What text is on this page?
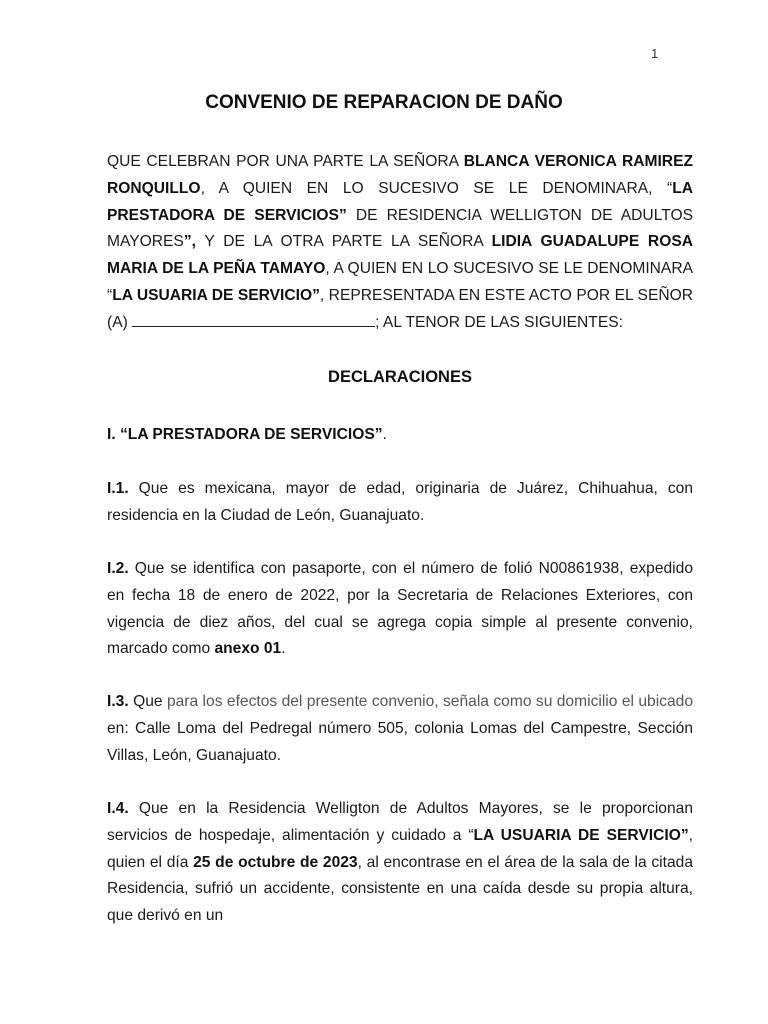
1
CONVENIO DE REPARACION DE DAÑO

QUE CELEBRAN POR UNA PARTE LA SEÑORA BLANCA VERONICA RAMIREZ RONQUILLO, A QUIEN EN LO SUCESIVO SE LE DENOMINARA, “LA PRESTADORA DE SERVICIOS” DE RESIDENCIA WELLIGTON DE ADULTOS MAYORES”, Y DE LA OTRA PARTE LA SEÑORA LIDIA GUADALUPE ROSA MARIA DE LA PEÑA TAMAYO, A QUIEN EN LO SUCESIVO SE LE DENOMINARA “LA USUARIA DE SERVICIO”, REPRESENTADA EN ESTE ACTO POR EL SEÑOR (A)	; AL TENOR DE LAS SIGUIENTES:

DECLARACIONES
I. “LA PRESTADORA DE SERVICIOS”.

I.1. Que es mexicana, mayor de edad, originaria de Juárez, Chihuahua, con residencia en la Ciudad de León, Guanajuato.

I.2. Que se identifica con pasaporte, con el número de folió N00861938, expedido en fecha 18 de enero de 2022, por la Secretaria de Relaciones Exteriores, con vigencia de diez años, del cual se agrega copia simple al presente convenio, marcado como anexo 01.

I.3. Que para los efectos del presente convenio, señala como su domicilio el ubicado en: Calle Loma del Pedregal número 505, colonia Lomas del Campestre, Sección Villas, León, Guanajuato.

I.4. Que en la Residencia Welligton de Adultos Mayores, se le proporcionan servicios de hospedaje, alimentación y cuidado a “LA USUARIA DE SERVICIO”, quien el día 25 de octubre de 2023, al encontrase en el área de la sala de la citada Residencia, sufrió un accidente, consistente en una caída desde su propia altura, que derivó en un
